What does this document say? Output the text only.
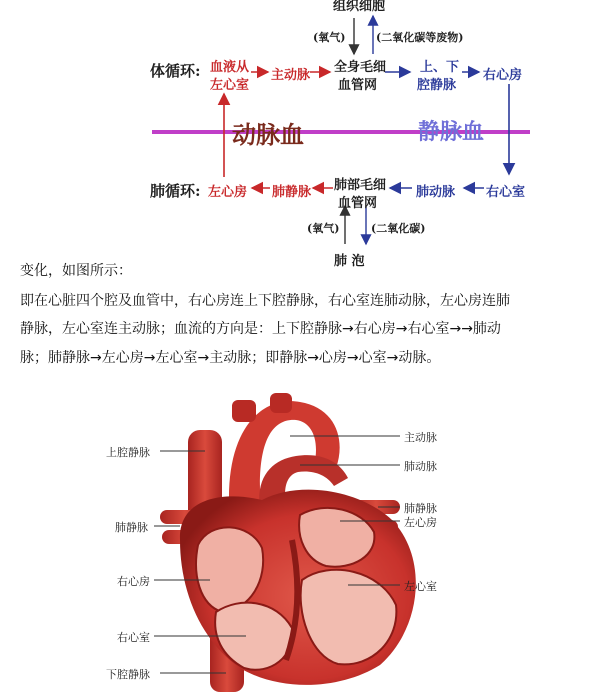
组织细胞
(氧气)	(二氧化碳等废物)
体循环: 血液从
左心室
主动脉
全身毛细
血管网
上、下
腔静脉
右心房
动脉血	静脉血
肺循环: 左心房 肺静脉 肺部毛细
血管网
肺动脉 右心室
(氧气)	(二氧化碳)
肺 泡
变化，如图所示：
即在心脏四个腔及血管中，右心房连上下腔静脉，右心室连肺动脉，左心房连肺
静脉，左心室连主动脉；血流的方向是：上下腔静脉→右心房→右心室→→肺动
脉；肺静脉→左心房→左心室→主动脉；即静脉→心房→心室→动脉。
上腔静脉
肺静脉
右心房
右心室
下腔静脉
主动脉
肺动脉
肺静脉
左心房
左心室
